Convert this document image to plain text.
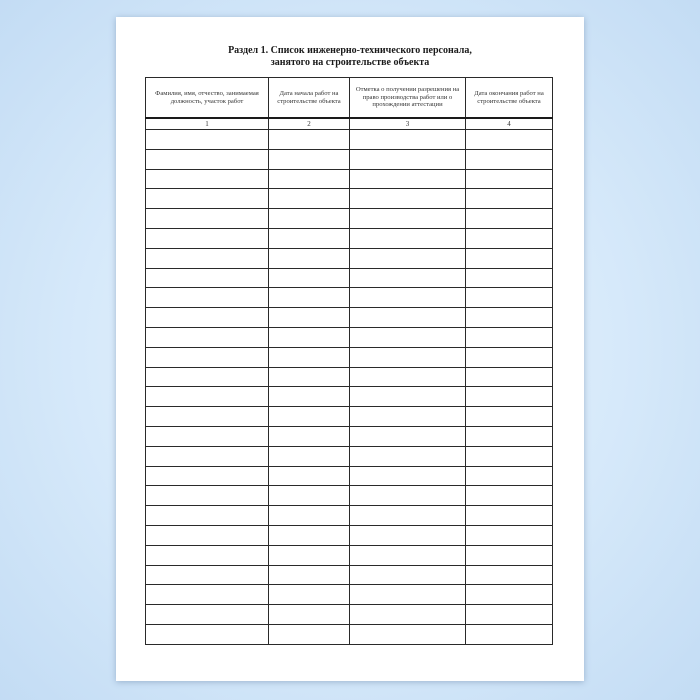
Раздел 1. Список инженерно-технического персонала,
занятого на строительстве объекта
Фамилия, имя, отчество, занимаемая должность, участок работ	Дата начала работ на строительстве объекта	Отметка о получении разрешения на право производства работ или о прохождении аттестации	Дата окончания работ на строительстве объекта
1	2	3	4
